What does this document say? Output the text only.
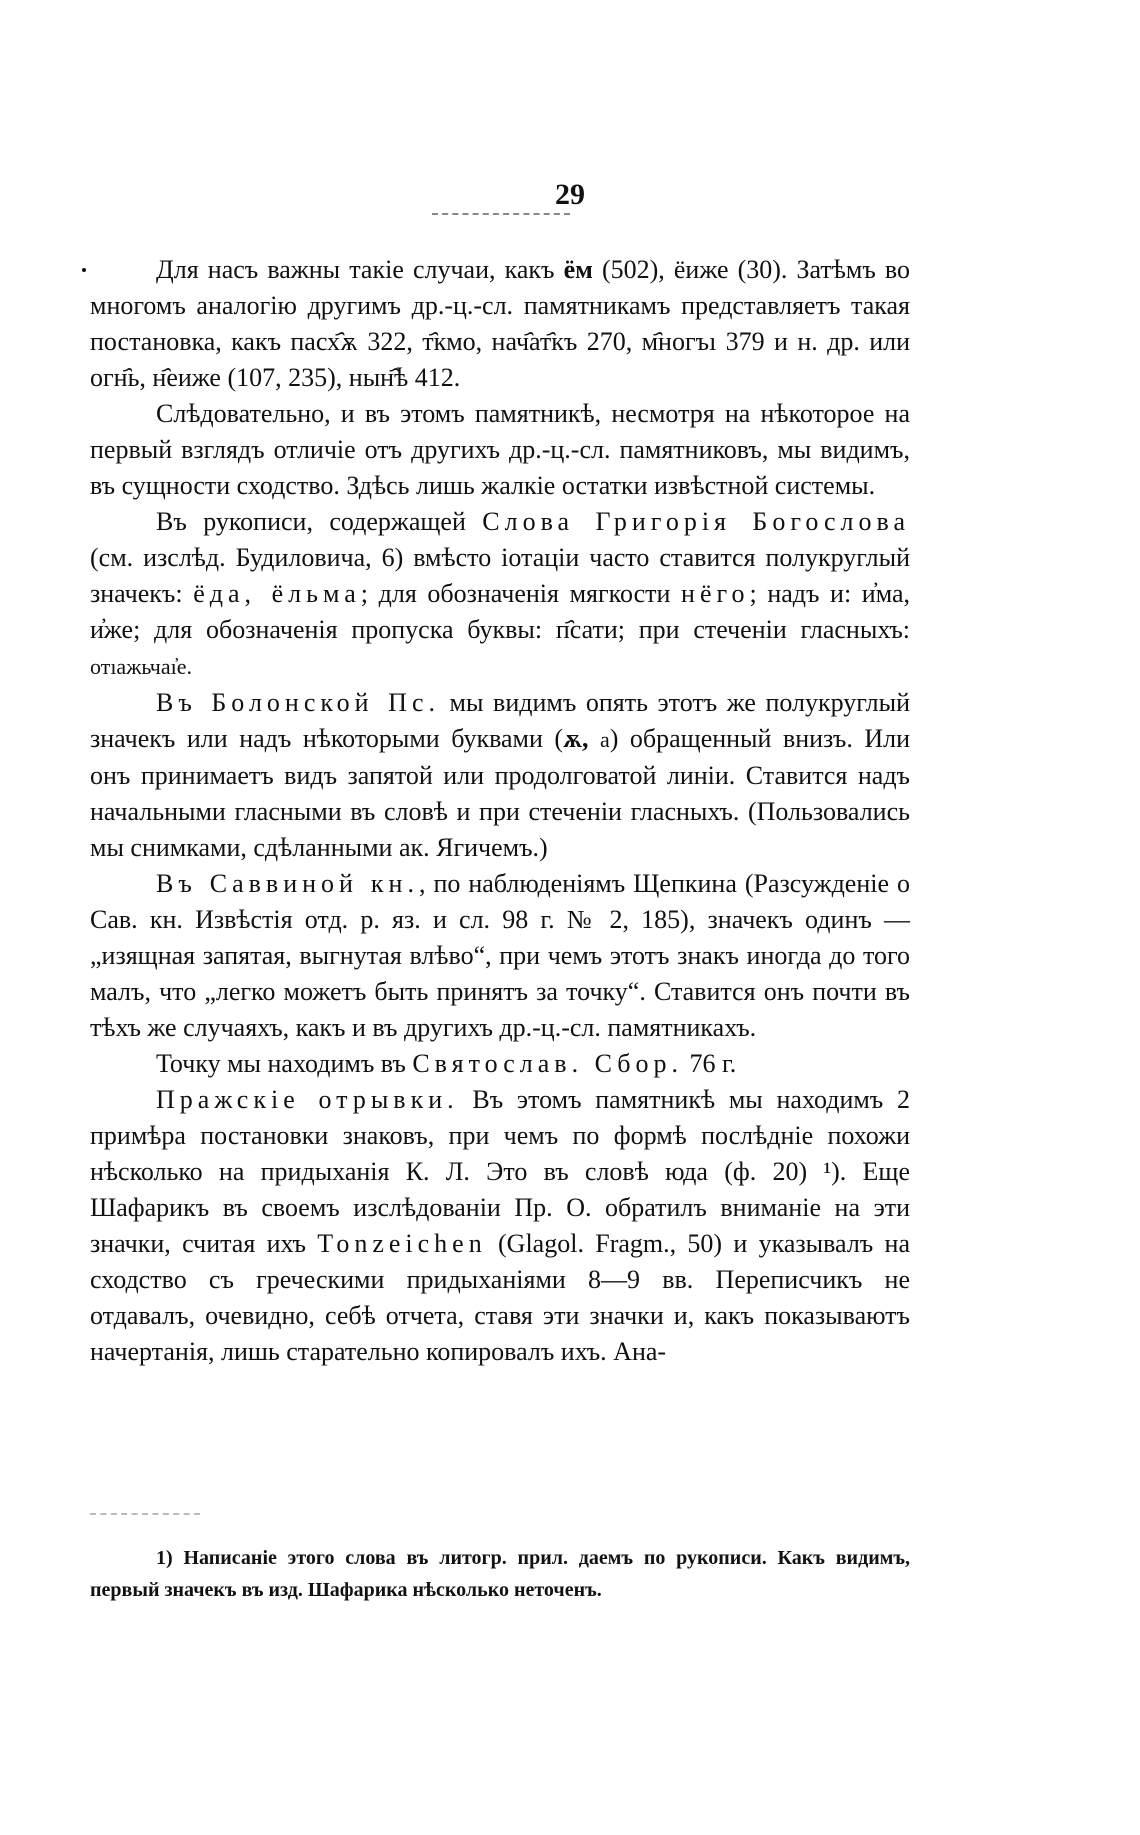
29

Для насъ важны такіе случаи, какъ ём (502), ёиже (30). Затѣмъ во многомъ аналогію другимъ др.-ц.-сл. памятникамъ представляетъ такая постановка, какъ пасх҄ѫ 322, т҄кмо, нач҄ат҄къ 270, м҄ногъı 379 и н. др. или огн҄ь, н҄еиже (107, 235), нын҄ѣ 412.

Слѣдовательно, и въ этомъ памятникѣ, несмотря на нѣкоторое на первый взглядъ отличіе отъ другихъ др.-ц.-сл. памятниковъ, мы видимъ, въ сущности сходство. Здѣсь лишь жалкіе остатки извѣстной системы.

Въ рукописи, содержащей Слова Григорія Богослова (см. изслѣд. Будиловича, 6) вмѣсто іотаціи часто ставится полукруглый значекъ: ёда, ёльма; для обозначенія мягкости нёго; надъ и: и҆ма, и҆же; для обозначенія пропуска буквы: п҄сати; при стеченіи гласныхъ: отıажьчаı҆е.

Въ Болонской Пс. мы видимъ опять этотъ же полукруглый значекъ или надъ нѣкоторыми буквами (ѫ, а) обращенный внизъ. Или онъ принимаетъ видъ запятой или продолговатой линіи. Ставится надъ начальными гласными въ словѣ и при стеченіи гласныхъ. (Пользовались мы снимками, сдѣланными ак. Ягичемъ.)

Въ Саввиной кн., по наблюденіямъ Щепкина (Разсужденіе о Сав. кн. Извѣстія отд. р. яз. и сл. 98 г. № 2, 185), значекъ одинъ — „изящная запятая, выгнутая влѣво“, при чемъ этотъ знакъ иногда до того малъ, что „легко можетъ быть принятъ за точку“. Ставится онъ почти въ тѣхъ же случаяхъ, какъ и въ другихъ др.-ц.-сл. памятникахъ.

Точку мы находимъ въ Святослав. Сбор. 76 г.

Пражскіе отрывки. Въ этомъ памятникѣ мы находимъ 2 примѣра постановки знаковъ, при чемъ по формѣ послѣдніе похожи нѣсколько на придыханія К. Л. Это въ словѣ юда (ф. 20) ¹). Еще Шафарикъ въ своемъ изслѣдованіи Пр. О. обратилъ вниманіе на эти значки, считая ихъ Tonzeichen (Glagol. Fragm., 50) и указывалъ на сходство съ греческими придыханіями 8—9 вв. Переписчикъ не отдавалъ, очевидно, себѣ отчета, ставя эти значки и, какъ показываютъ начертанія, лишь старательно копировалъ ихъ. Ана-

1) Написаніе этого слова въ литогр. прил. даемъ по рукописи. Какъ видимъ, первый значекъ въ изд. Шафарика нѣсколько неточенъ.
